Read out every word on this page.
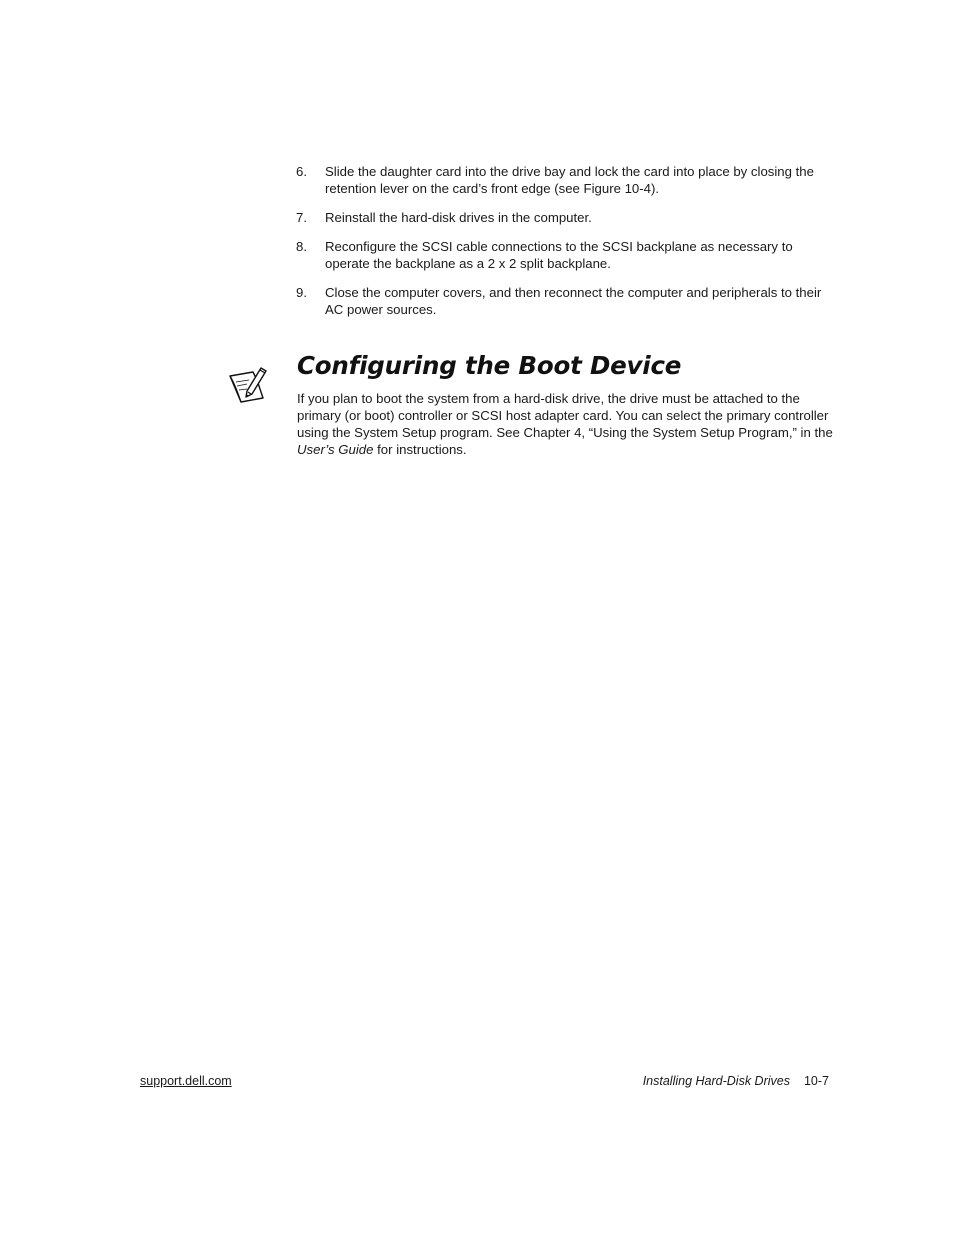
6.	Slide the daughter card into the drive bay and lock the card into place by closing the retention lever on the card’s front edge (see Figure 10-4).
7.	Reinstall the hard-disk drives in the computer.
8.	Reconfigure the SCSI cable connections to the SCSI backplane as necessary to operate the backplane as a 2 x 2 split backplane.
9.	Close the computer covers, and then reconnect the computer and peripherals to their AC power sources.
Configuring the Boot Device

If you plan to boot the system from a hard-disk drive, the drive must be attached to the primary (or boot) controller or SCSI host adapter card. You can select the primary controller using the System Setup program. See Chapter 4, “Using the System Setup Program,” in the User’s Guide for instructions.

support.dell.com	Installing Hard-Disk Drives 10-7
